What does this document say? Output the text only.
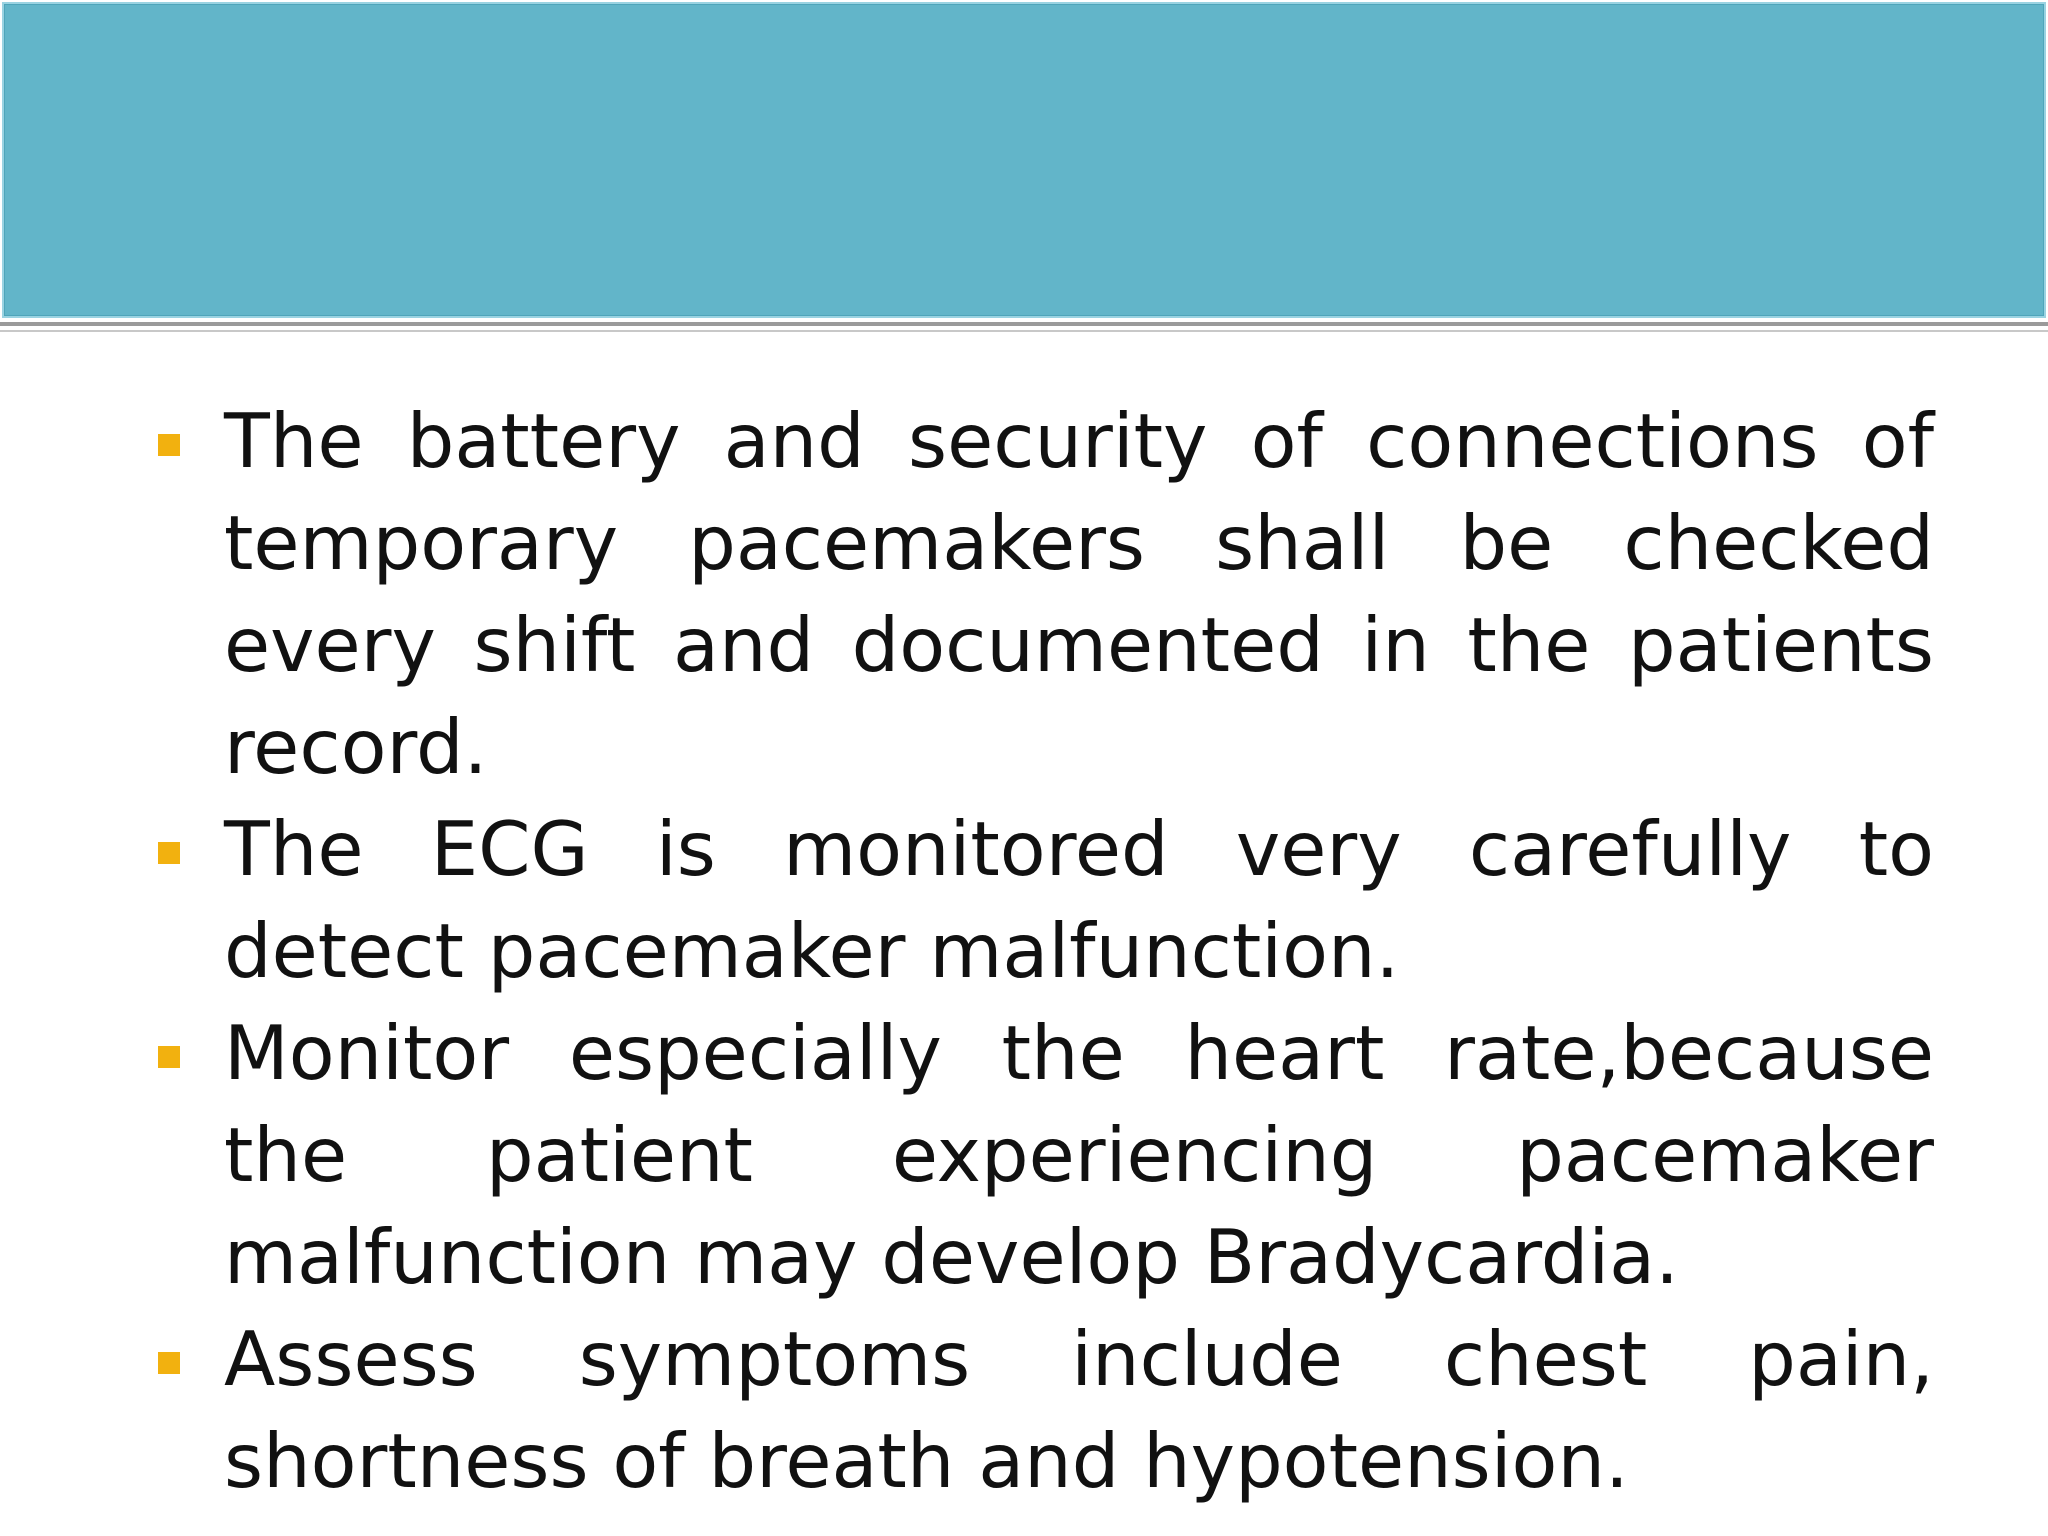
The battery and security of connections of temporary pacemakers shall be checked every shift and documented in the patients record.
The ECG is monitored very carefully to detect pacemaker malfunction.
Monitor especially the heart rate,because the patient experiencing pacemaker malfunction may develop Bradycardia.
Assess symptoms include chest pain, shortness of breath and hypotension.
